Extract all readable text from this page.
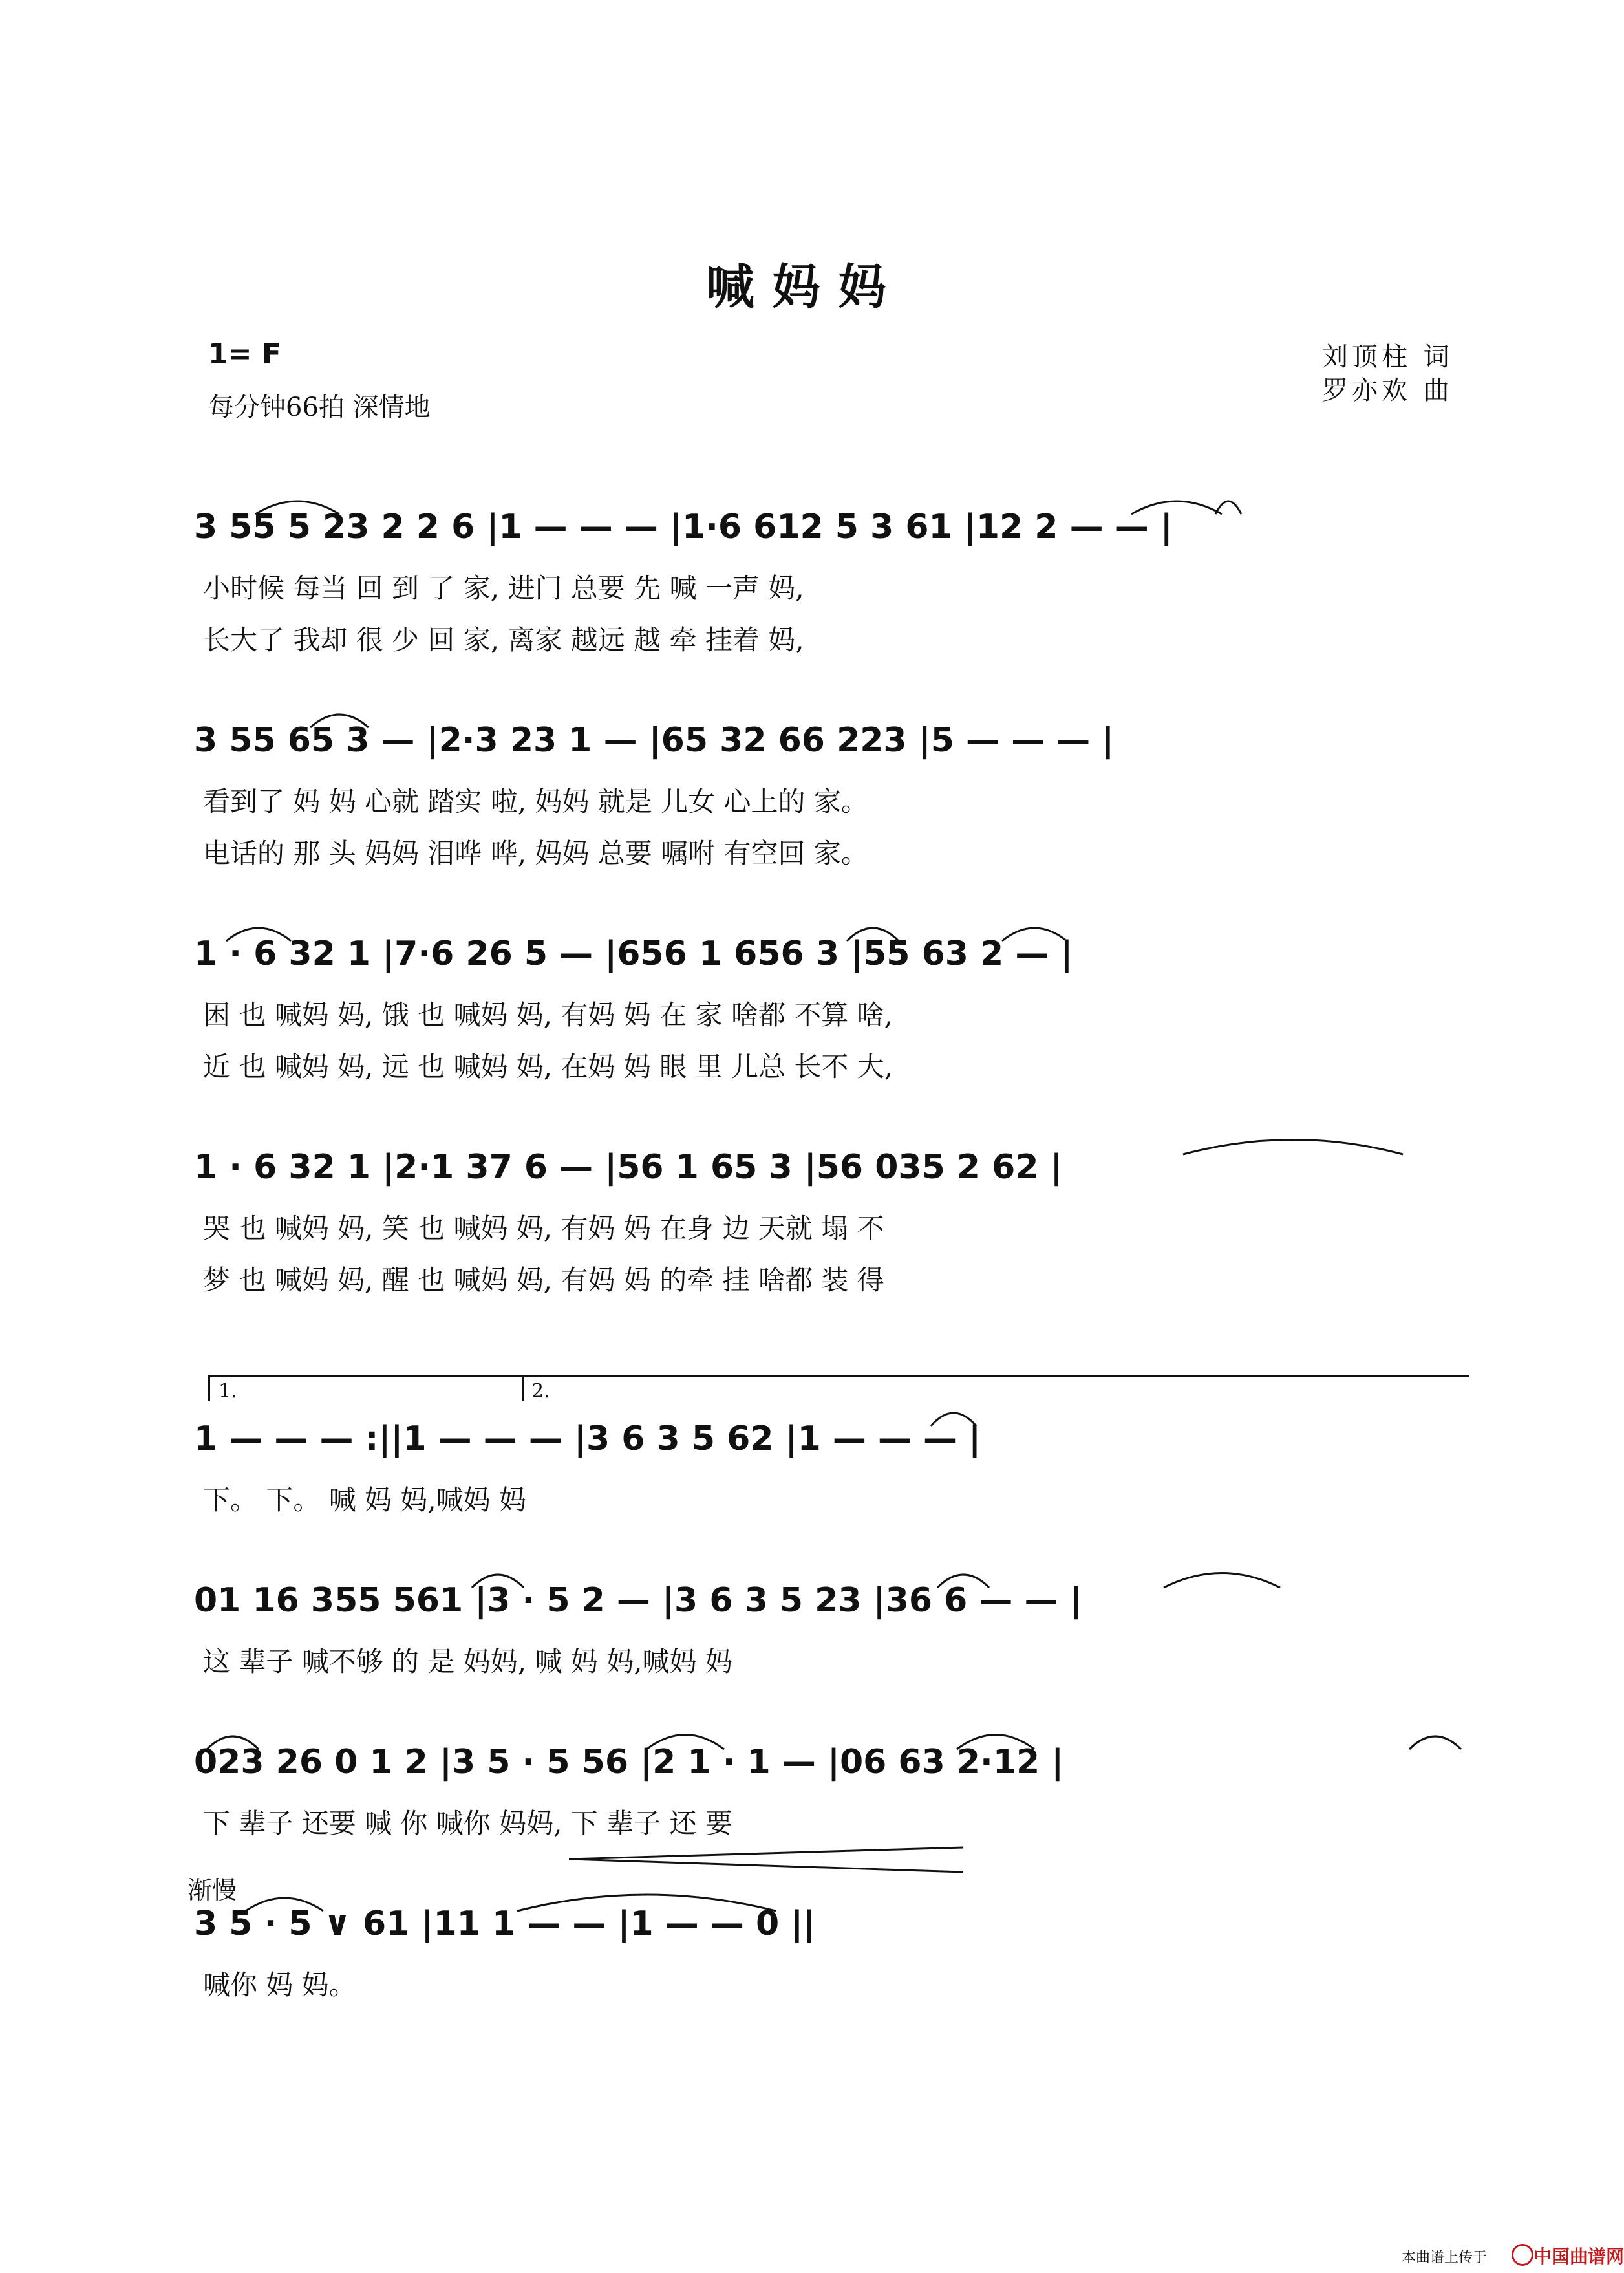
喊妈妈
1= F
每分钟66拍 深情地
刘顶柱 词
罗亦欢 曲
3 55 5 23 2 2 6 |1 — — — |1·6 612 5 3 61 |12 2 — — |
小时候 每当 回 到 了 家, 进门 总要 先 喊 一声 妈,
长大了 我却 很 少 回 家, 离家 越远 越 牵 挂着 妈,
3 55 65 3 — |2·3 23 1 — |65 32 66 223 |5 — — — |
看到了 妈 妈 心就 踏实 啦, 妈妈 就是 儿女 心上的 家。
电话的 那 头 妈妈 泪哗 哗, 妈妈 总要 嘱咐 有空回 家。
1 · 6 32 1 |7·6 26 5 — |656 1 656 3 |55 63 2 — |
困 也 喊妈 妈, 饿 也 喊妈 妈, 有妈 妈 在 家 啥都 不算 啥,
近 也 喊妈 妈, 远 也 喊妈 妈, 在妈 妈 眼 里 儿总 长不 大,
1 · 6 32 1 |2·1 37 6 — |56 1 65 3 |56 035 2 62 |
哭 也 喊妈 妈, 笑 也 喊妈 妈, 有妈 妈 在身 边 天就 塌 不
梦 也 喊妈 妈, 醒 也 喊妈 妈, 有妈 妈 的牵 挂 啥都 装 得
1.	2.
1 — — — :||1 — — — |3 6 3 5 62 |1 — — — |
下。 下。 喊 妈 妈,喊妈 妈
01 16 355 561 |3 · 5 2 — |3 6 3 5 23 |36 6 — — |
这 辈子 喊不够 的 是 妈妈, 喊 妈 妈,喊妈 妈
023 26 0 1 2 |3 5 · 5 56 |2 1 · 1 — |06 63 2·12 |
下 辈子 还要 喊 你 喊你 妈妈, 下 辈子 还 要
渐慢
3 5 · 5 ∨ 61 |11 1 — — |1 — — 0 ||
喊你 妈 妈。
本曲谱上传于	中国曲谱网
